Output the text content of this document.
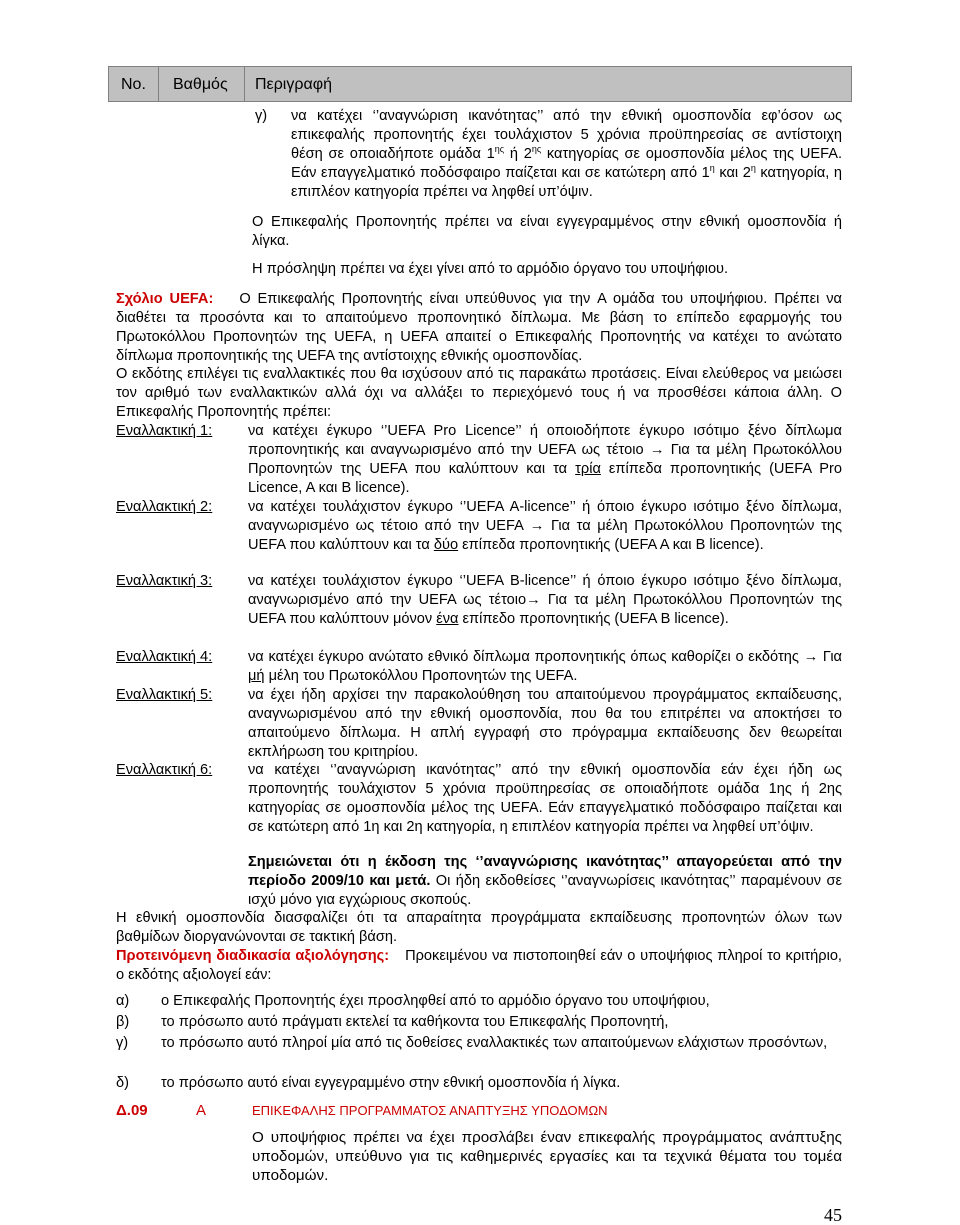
No. Βαθμός Περιγραφή
γ) να κατέχει ‘’αναγνώριση ικανότητας’’ από την εθνική ομοσπονδία εφ’όσον ως επικεφαλής προπονητής έχει τουλάχιστον 5 χρόνια προϋπηρεσίας σε αντίστοιχη θέση σε οποιαδήποτε ομάδα $1^{\eta\varsigma}$ ή $2^{\eta\varsigma}$ κατηγορίας σε ομοσπονδία μέλος της UEFA. Εάν επαγγελματικό ποδόσφαιρο παίζεται και σε κατώτερη από $1^\eta$ και $2^\eta$ κατηγορία, η επιπλέον κατηγορία πρέπει να ληφθεί υπ’όψιν.
Ο Επικεφαλής Προπονητής πρέπει να είναι εγγεγραμμένος στην εθνική ομοσπονδία ή λίγκα.
Η πρόσληψη πρέπει να έχει γίνει από το αρμόδιο όργανο του υποψήφιου.
Σχόλιο UEFA: Ο Επικεφαλής Προπονητής είναι υπεύθυνος για την A ομάδα του υποψήφιου. Πρέπει να διαθέτει τα προσόντα και το απαιτούμενο προπονητικό δίπλωμα. Με βάση το επίπεδο εφαρμογής του Πρωτοκόλλου Προπονητών της UEFA, η UEFA απαιτεί ο Επικεφαλής Προπονητής να κατέχει το ανώτατο δίπλωμα προπονητικής της UEFA της αντίστοιχης εθνικής ομοσπονδίας.
Ο εκδότης επιλέγει τις εναλλακτικές που θα ισχύσουν από τις παρακάτω προτάσεις. Είναι ελεύθερος να μειώσει τον αριθμό των εναλλακτικών αλλά όχι να αλλάξει το περιεχόμενό τους ή να προσθέσει κάποια άλλη. Ο Επικεφαλής Προπονητής πρέπει:
Εναλλακτική 1: να κατέχει έγκυρο ‘’UEFA Pro Licence’’ ή οποιοδήποτε έγκυρο ισότιμο ξένο δίπλωμα προπονητικής και αναγνωρισμένο από την UEFA ως τέτοιο → Για τα μέλη Πρωτοκόλλου Προπονητών της UEFA που καλύπτουν και τα τρία επίπεδα προπονητικής (UEFA Pro Licence, A και B licence).
Εναλλακτική 2: να κατέχει τουλάχιστον έγκυρο ‘’UEFA A-licence’’ ή όποιο έγκυρο ισότιμο ξένο δίπλωμα, αναγνωρισμένο ως τέτοιο από την UEFA → Για τα μέλη Πρωτοκόλλου Προπονητών της UEFA που καλύπτουν και τα δύο επίπεδα προπονητικής (UEFA A και B licence).
Εναλλακτική 3: να κατέχει τουλάχιστον έγκυρο ‘’UEFA B-licence’’ ή όποιο έγκυρο ισότιμο ξένο δίπλωμα, αναγνωρισμένο από την UEFA ως τέτοιο→ Για τα μέλη Πρωτοκόλλου Προπονητών της UEFA που καλύπτουν μόνον ένα επίπεδο προπονητικής (UEFA B licence).
Εναλλακτική 4: να κατέχει έγκυρο ανώτατο εθνικό δίπλωμα προπονητικής όπως καθορίζει ο εκδότης → Για μή μέλη του Πρωτοκόλλου Προπονητών της UEFA.
Εναλλακτική 5: να έχει ήδη αρχίσει την παρακολούθηση του απαιτούμενου προγράμματος εκπαίδευσης, αναγνωρισμένου από την εθνική ομοσπονδία, που θα του επιτρέπει να αποκτήσει το απαιτούμενο δίπλωμα. Η απλή εγγραφή στο πρόγραμμα εκπαίδευσης δεν θεωρείται εκπλήρωση του κριτηρίου.
Εναλλακτική 6: να κατέχει ‘’αναγνώριση ικανότητας’’ από την εθνική ομοσπονδία εάν έχει ήδη ως προπονητής τουλάχιστον 5 χρόνια προϋπηρεσίας σε οποιαδήποτε ομάδα 1ης ή 2ης κατηγορίας σε ομοσπονδία μέλος της UEFA. Εάν επαγγελματικό ποδόσφαιρο παίζεται και σε κατώτερη από 1η και 2η κατηγορία, η επιπλέον κατηγορία πρέπει να ληφθεί υπ’όψιν.
Σημειώνεται ότι η έκδοση της ‘’αναγνώρισης ικανότητας’’ απαγορεύεται από την περίοδο 2009/10 και μετά. Οι ήδη εκδοθείσες ‘’αναγνωρίσεις ικανότητας’’ παραμένουν σε ισχύ μόνο για εγχώριους σκοπούς.
Η εθνική ομοσπονδία διασφαλίζει ότι τα απαραίτητα προγράμματα εκπαίδευσης προπονητών όλων των βαθμίδων διοργανώνονται σε τακτική βάση.
Προτεινόμενη διαδικασία αξιολόγησης: Προκειμένου να πιστοποιηθεί εάν ο υποψήφιος πληροί το κριτήριο, ο εκδότης αξιολογεί εάν:
α) ο Επικεφαλής Προπονητής έχει προσληφθεί από το αρμόδιο όργανο του υποψήφιου,
β) το πρόσωπο αυτό πράγματι εκτελεί τα καθήκοντα του Επικεφαλής Προπονητή,
γ) το πρόσωπο αυτό πληροί μία από τις δοθείσες εναλλακτικές των απαιτούμενων ελάχιστων προσόντων,
δ) το πρόσωπο αυτό είναι εγγεγραμμένο στην εθνική ομοσπονδία ή λίγκα.
Δ.09	A	ΕΠΙΚΕΦΑΛΗΣ ΠΡΟΓΡΑΜΜΑΤΟΣ ΑΝΑΠΤΥΞΗΣ ΥΠΟΔΟΜΩΝ
Ο υποψήφιος πρέπει να έχει προσλάβει έναν επικεφαλής προγράμματος ανάπτυξης υποδομών, υπεύθυνο για τις καθημερινές εργασίες και τα τεχνικά θέματα του τομέα υποδομών.
45
